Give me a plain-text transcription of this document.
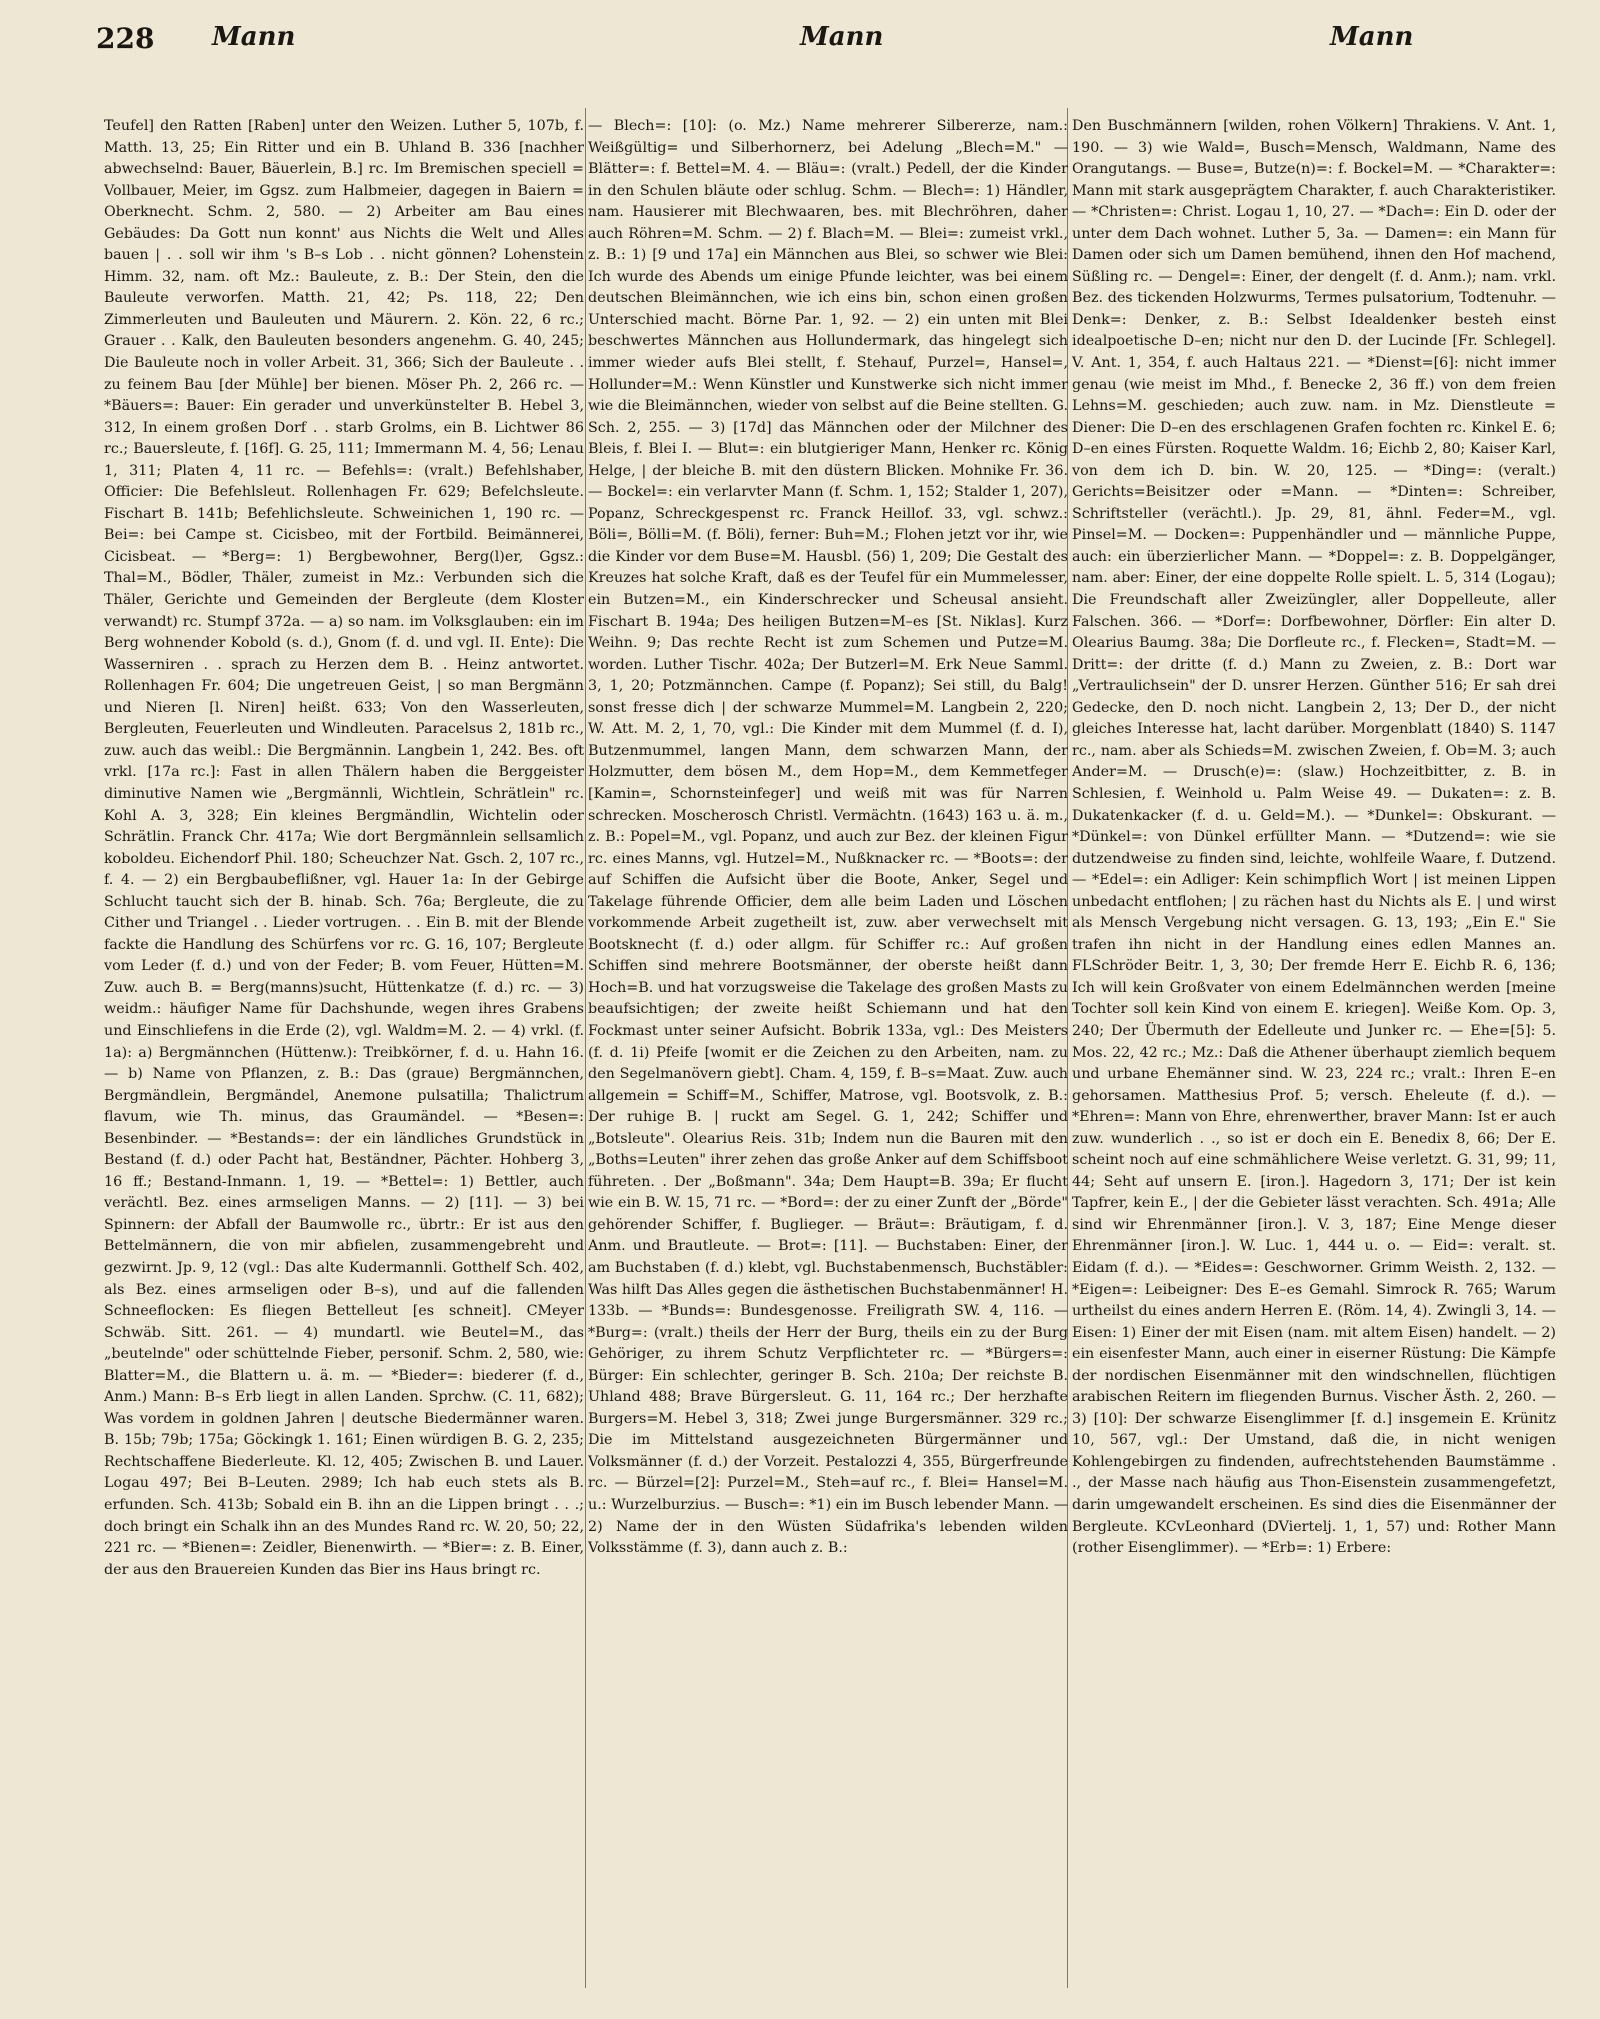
228 Mann	Mann	Mann

Teufel] den Ratten [Raben] unter den Weizen. Luther 5, 107b, f. Matth. 13, 25; Ein Ritter und ein B. Uhland B. 336 [nachher abwechselnd: Bauer, Bäuerlein, B.] rc. Im Bremischen speciell = Vollbauer, Meier, im Ggsz. zum Halbmeier, dagegen in Baiern = Oberknecht. Schm. 2, 580. — 2) Arbeiter am Bau eines Gebäudes: Da Gott nun konnt' aus Nichts die Welt und Alles bauen | . . soll wir ihm 's B–s Lob . . nicht gönnen? Lohenstein Himm. 32, nam. oft Mz.: Bauleute, z. B.: Der Stein, den die Bauleute verworfen. Matth. 21, 42; Ps. 118, 22; Den Zimmerleuten und Bauleuten und Mäurern. 2. Kön. 22, 6 rc.; Grauer . . Kalk, den Bauleuten besonders angenehm. G. 40, 245; Die Bauleute noch in voller Arbeit. 31, 366; Sich der Bauleute . . zu feinem Bau [der Mühle] ber bienen. Möser Ph. 2, 266 rc. — *Bäuers=: Bauer: Ein gerader und unverkünstelter B. Hebel 3, 312, In einem großen Dorf . . starb Grolms, ein B. Lichtwer 86 rc.; Bauersleute, f. [16f]. G. 25, 111; Immermann M. 4, 56; Lenau 1, 311; Platen 4, 11 rc. — Befehls=: (vralt.) Befehlshaber, Officier: Die Befehlsleut. Rollenhagen Fr. 629; Befelchsleute. Fischart B. 141b; Befehlichsleute. Schweinichen 1, 190 rc. — Bei=: bei Campe st. Cicisbeo, mit der Fortbild. Beimännerei, Cicisbeat. — *Berg=: 1) Bergbewohner, Berg(l)er, Ggsz.: Thal=M., Bödler, Thäler, zumeist in Mz.: Verbunden sich die Thäler, Gerichte und Gemeinden der Bergleute (dem Kloster verwandt) rc. Stumpf 372a. — a) so nam. im Volksglauben: ein im Berg wohnender Kobold (s. d.), Gnom (f. d. und vgl. II. Ente): Die Wasserniren . . sprach zu Herzen dem B. . Heinz antwortet. Rollenhagen Fr. 604; Die ungetreuen Geist, | so man Bergmänn und Nieren [l. Niren] heißt. 633; Von den Wasserleuten, Bergleuten, Feuerleuten und Windleuten. Paracelsus 2, 181b rc., zuw. auch das weibl.: Die Bergmännin. Langbein 1, 242. Bes. oft vrkl. [17a rc.]: Fast in allen Thälern haben die Berggeister diminutive Namen wie „Bergmännli, Wichtlein, Schrätlein" rc. Kohl A. 3, 328; Ein kleines Bergmändlin, Wichtelin oder Schrätlin. Franck Chr. 417a; Wie dort Bergmännlein sellsamlich koboldeu. Eichendorf Phil. 180; Scheuchzer Nat. Gsch. 2, 107 rc., f. 4. — 2) ein Bergbaubeflißner, vgl. Hauer 1a: In der Gebirge Schlucht taucht sich der B. hinab. Sch. 76a; Bergleute, die zu Cither und Triangel . . Lieder vortrugen. . . Ein B. mit der Blende fackte die Handlung des Schürfens vor rc. G. 16, 107; Bergleute vom Leder (f. d.) und von der Feder; B. vom Feuer, Hütten=M. Zuw. auch B. = Berg(manns)sucht, Hüttenkatze (f. d.) rc. — 3) weidm.: häufiger Name für Dachshunde, wegen ihres Grabens und Einschliefens in die Erde (2), vgl. Waldm=M. 2. — 4) vrkl. (f. 1a): a) Bergmännchen (Hüttenw.): Treibkörner, f. d. u. Hahn 16. — b) Name von Pflanzen, z. B.: Das (graue) Bergmännchen, Bergmändlein, Bergmändel, Anemone pulsatilla; Thalictrum flavum, wie Th. minus, das Graumändel. — *Besen=: Besenbinder. — *Bestands=: der ein ländliches Grundstück in Bestand (f. d.) oder Pacht hat, Beständner, Pächter. Hohberg 3, 16 ff.; Bestand-Inmann. 1, 19. — *Bettel=: 1) Bettler, auch verächtl. Bez. eines armseligen Manns. — 2) [11]. — 3) bei Spinnern: der Abfall der Baumwolle rc., übrtr.: Er ist aus den Bettelmännern, die von mir abfielen, zusammengebreht und gezwirnt. Jp. 9, 12 (vgl.: Das alte Kudermannli. Gotthelf Sch. 402, als Bez. eines armseligen oder B–s), und auf die fallenden Schneeflocken: Es fliegen Bettelleut [es schneit]. CMeyer Schwäb. Sitt. 261. — 4) mundartl. wie Beutel=M., das „beutelnde" oder schüttelnde Fieber, personif. Schm. 2, 580, wie: Blatter=M., die Blattern u. ä. m. — *Bieder=: biederer (f. d., Anm.) Mann: B–s Erb liegt in allen Landen. Sprchw. (C. 11, 682); Was vordem in goldnen Jahren | deutsche Biedermänner waren. B. 15b; 79b; 175a; Göckingk 1. 161; Einen würdigen B. G. 2, 235; Rechtschaffene Biederleute. Kl. 12, 405; Zwischen B. und Lauer. Logau 497; Bei B–Leuten. 2989; Ich hab euch stets als B. erfunden. Sch. 413b; Sobald ein B. ihn an die Lippen bringt . . .; doch bringt ein Schalk ihn an des Mundes Rand rc. W. 20, 50; 22, 221 rc. — *Bienen=: Zeidler, Bienenwirth. — *Bier=: z. B. Einer, der aus den Brauereien Kunden das Bier ins Haus bringt rc.

— Blech=: [10]: (o. Mz.) Name mehrerer Silbererze, nam.: Weißgültig= und Silberhornerz, bei Adelung „Blech=M." — Blätter=: f. Bettel=M. 4. — Bläu=: (vralt.) Pedell, der die Kinder in den Schulen bläute oder schlug. Schm. — Blech=: 1) Händler, nam. Hausierer mit Blechwaaren, bes. mit Blechröhren, daher auch Röhren=M. Schm. — 2) f. Blach=M. — Blei=: zumeist vrkl., z. B.: 1) [9 und 17a] ein Männchen aus Blei, so schwer wie Blei: Ich wurde des Abends um einige Pfunde leichter, was bei einem deutschen Bleimännchen, wie ich eins bin, schon einen großen Unterschied macht. Börne Par. 1, 92. — 2) ein unten mit Blei beschwertes Männchen aus Hollundermark, das hingelegt sich immer wieder aufs Blei stellt, f. Stehauf, Purzel=, Hansel=, Hollunder=M.: Wenn Künstler und Kunstwerke sich nicht immer wie die Bleimännchen, wieder von selbst auf die Beine stellten. G. Sch. 2, 255. — 3) [17d] das Männchen oder der Milchner des Bleis, f. Blei I. — Blut=: ein blutgieriger Mann, Henker rc. König Helge, | der bleiche B. mit den düstern Blicken. Mohnike Fr. 36. — Bockel=: ein verlarvter Mann (f. Schm. 1, 152; Stalder 1, 207), Popanz, Schreckgespenst rc. Franck Heillof. 33, vgl. schwz.: Böli=, Bölli=M. (f. Böli), ferner: Buh=M.; Flohen jetzt vor ihr, wie die Kinder vor dem Buse=M. Hausbl. (56) 1, 209; Die Gestalt des Kreuzes hat solche Kraft, daß es der Teufel für ein Mummelesser, ein Butzen=M., ein Kinderschrecker und Scheusal ansieht. Fischart B. 194a; Des heiligen Butzen=M–es [St. Niklas]. Kurz Weihn. 9; Das rechte Recht ist zum Schemen und Putze=M. worden. Luther Tischr. 402a; Der Butzerl=M. Erk Neue Samml. 3, 1, 20; Potzmännchen. Campe (f. Popanz); Sei still, du Balg! sonst fresse dich | der schwarze Mummel=M. Langbein 2, 220; W. Att. M. 2, 1, 70, vgl.: Die Kinder mit dem Mummel (f. d. I), Butzenmummel, langen Mann, dem schwarzen Mann, der Holzmutter, dem bösen M., dem Hop=M., dem Kemmetfeger [Kamin=, Schornsteinfeger] und weiß mit was für Narren schrecken. Moscherosch Christl. Vermächtn. (1643) 163 u. ä. m., z. B.: Popel=M., vgl. Popanz, und auch zur Bez. der kleinen Figur rc. eines Manns, vgl. Hutzel=M., Nußknacker rc. — *Boots=: der auf Schiffen die Aufsicht über die Boote, Anker, Segel und Takelage führende Officier, dem alle beim Laden und Löschen vorkommende Arbeit zugetheilt ist, zuw. aber verwechselt mit Bootsknecht (f. d.) oder allgm. für Schiffer rc.: Auf großen Schiffen sind mehrere Bootsmänner, der oberste heißt dann Hoch=B. und hat vorzugsweise die Takelage des großen Masts zu beaufsichtigen; der zweite heißt Schiemann und hat den Fockmast unter seiner Aufsicht. Bobrik 133a, vgl.: Des Meisters (f. d. 1i) Pfeife [womit er die Zeichen zu den Arbeiten, nam. zu den Segelmanövern giebt]. Cham. 4, 159, f. B–s=Maat. Zuw. auch allgemein = Schiff=M., Schiffer, Matrose, vgl. Bootsvolk, z. B.: Der ruhige B. | ruckt am Segel. G. 1, 242; Schiffer und „Botsleute". Olearius Reis. 31b; Indem nun die Bauren mit den „Boths=Leuten" ihrer zehen das große Anker auf dem Schiffsboot führeten. . Der „Boßmann". 34a; Dem Haupt=B. 39a; Er flucht wie ein B. W. 15, 71 rc. — *Bord=: der zu einer Zunft der „Börde" gehörender Schiffer, f. Buglieger. — Bräut=: Bräutigam, f. d. Anm. und Brautleute. — Brot=: [11]. — Buchstaben: Einer, der am Buchstaben (f. d.) klebt, vgl. Buchstabenmensch, Buchstäbler: Was hilft Das Alles gegen die ästhetischen Buchstabenmänner! H. 133b. — *Bunds=: Bundesgenosse. Freiligrath SW. 4, 116. — *Burg=: (vralt.) theils der Herr der Burg, theils ein zu der Burg Gehöriger, zu ihrem Schutz Verpflichteter rc. — *Bürgers=: Bürger: Ein schlechter, geringer B. Sch. 210a; Der reichste B. Uhland 488; Brave Bürgersleut. G. 11, 164 rc.; Der herzhafte Burgers=M. Hebel 3, 318; Zwei junge Burgersmänner. 329 rc.; Die im Mittelstand ausgezeichneten Bürgermänner und Volksmänner (f. d.) der Vorzeit. Pestalozzi 4, 355, Bürgerfreunde rc. — Bürzel=[2]: Purzel=M., Steh=auf rc., f. Blei= Hansel=M. u.: Wurzelburzius. — Busch=: *1) ein im Busch lebender Mann. — 2) Name der in den Wüsten Südafrika's lebenden wilden Volksstämme (f. 3), dann auch z. B.:

Den Buschmännern [wilden, rohen Völkern] Thrakiens. V. Ant. 1, 190. — 3) wie Wald=, Busch=Mensch, Waldmann, Name des Orangutangs. — Buse=, Butze(n)=: f. Bockel=M. — *Charakter=: Mann mit stark ausgeprägtem Charakter, f. auch Charakteristiker. — *Christen=: Christ. Logau 1, 10, 27. — *Dach=: Ein D. oder der unter dem Dach wohnet. Luther 5, 3a. — Damen=: ein Mann für Damen oder sich um Damen bemühend, ihnen den Hof machend, Süßling rc. — Dengel=: Einer, der dengelt (f. d. Anm.); nam. vrkl. Bez. des tickenden Holzwurms, Termes pulsatorium, Todtenuhr. — Denk=: Denker, z. B.: Selbst Idealdenker besteh einst idealpoetische D–en; nicht nur den D. der Lucinde [Fr. Schlegel]. V. Ant. 1, 354, f. auch Haltaus 221. — *Dienst=[6]: nicht immer genau (wie meist im Mhd., f. Benecke 2, 36 ff.) von dem freien Lehns=M. geschieden; auch zuw. nam. in Mz. Dienstleute = Diener: Die D–en des erschlagenen Grafen fochten rc. Kinkel E. 6; D–en eines Fürsten. Roquette Waldm. 16; Eichb 2, 80; Kaiser Karl, von dem ich D. bin. W. 20, 125. — *Ding=: (veralt.) Gerichts=Beisitzer oder =Mann. — *Dinten=: Schreiber, Schriftsteller (verächtl.). Jp. 29, 81, ähnl. Feder=M., vgl. Pinsel=M. — Docken=: Puppenhändler und — männliche Puppe, auch: ein überzierlicher Mann. — *Doppel=: z. B. Doppelgänger, nam. aber: Einer, der eine doppelte Rolle spielt. L. 5, 314 (Logau); Die Freundschaft aller Zweizüngler, aller Doppelleute, aller Falschen. 366. — *Dorf=: Dorfbewohner, Dörfler: Ein alter D. Olearius Baumg. 38a; Die Dorfleute rc., f. Flecken=, Stadt=M. — Dritt=: der dritte (f. d.) Mann zu Zweien, z. B.: Dort war „Vertraulichsein" der D. unsrer Herzen. Günther 516; Er sah drei Gedecke, den D. noch nicht. Langbein 2, 13; Der D., der nicht gleiches Interesse hat, lacht darüber. Morgenblatt (1840) S. 1147 rc., nam. aber als Schieds=M. zwischen Zweien, f. Ob=M. 3; auch Ander=M. — Drusch(e)=: (slaw.) Hochzeitbitter, z. B. in Schlesien, f. Weinhold u. Palm Weise 49. — Dukaten=: z. B. Dukatenkacker (f. d. u. Geld=M.). — *Dunkel=: Obskurant. — *Dünkel=: von Dünkel erfüllter Mann. — *Dutzend=: wie sie dutzendweise zu finden sind, leichte, wohlfeile Waare, f. Dutzend. — *Edel=: ein Adliger: Kein schimpflich Wort | ist meinen Lippen unbedacht entflohen; | zu rächen hast du Nichts als E. | und wirst als Mensch Vergebung nicht versagen. G. 13, 193; „Ein E." Sie trafen ihn nicht in der Handlung eines edlen Mannes an. FLSchröder Beitr. 1, 3, 30; Der fremde Herr E. Eichb R. 6, 136; Ich will kein Großvater von einem Edelmännchen werden [meine Tochter soll kein Kind von einem E. kriegen]. Weiße Kom. Op. 3, 240; Der Übermuth der Edelleute und Junker rc. — Ehe=[5]: 5. Mos. 22, 42 rc.; Mz.: Daß die Athener überhaupt ziemlich bequem und urbane Ehemänner sind. W. 23, 224 rc.; vralt.: Ihren E–en gehorsamen. Matthesius Prof. 5; versch. Eheleute (f. d.). — *Ehren=: Mann von Ehre, ehrenwerther, braver Mann: Ist er auch zuw. wunderlich . ., so ist er doch ein E. Benedix 8, 66; Der E. scheint noch auf eine schmählichere Weise verletzt. G. 31, 99; 11, 44; Seht auf unsern E. [iron.]. Hagedorn 3, 171; Der ist kein Tapfrer, kein E., | der die Gebieter lässt verachten. Sch. 491a; Alle sind wir Ehrenmänner [iron.]. V. 3, 187; Eine Menge dieser Ehrenmänner [iron.]. W. Luc. 1, 444 u. o. — Eid=: veralt. st. Eidam (f. d.). — *Eides=: Geschworner. Grimm Weisth. 2, 132. — *Eigen=: Leibeigner: Des E–es Gemahl. Simrock R. 765; Warum urtheilst du eines andern Herren E. (Röm. 14, 4). Zwingli 3, 14. — Eisen: 1) Einer der mit Eisen (nam. mit altem Eisen) handelt. — 2) ein eisenfester Mann, auch einer in eiserner Rüstung: Die Kämpfe der nordischen Eisenmänner mit den windschnellen, flüchtigen arabischen Reitern im fliegenden Burnus. Vischer Ästh. 2, 260. — 3) [10]: Der schwarze Eisenglimmer [f. d.] insgemein E. Krünitz 10, 567, vgl.: Der Umstand, daß die, in nicht wenigen Kohlengebirgen zu findenden, aufrechtstehenden Baumstämme . ., der Masse nach häufig aus Thon-Eisenstein zusammengefetzt, darin umgewandelt erscheinen. Es sind dies die Eisenmänner der Bergleute. KCvLeonhard (DViertelj. 1, 1, 57) und: Rother Mann (rother Eisenglimmer). — *Erb=: 1) Erbere:
